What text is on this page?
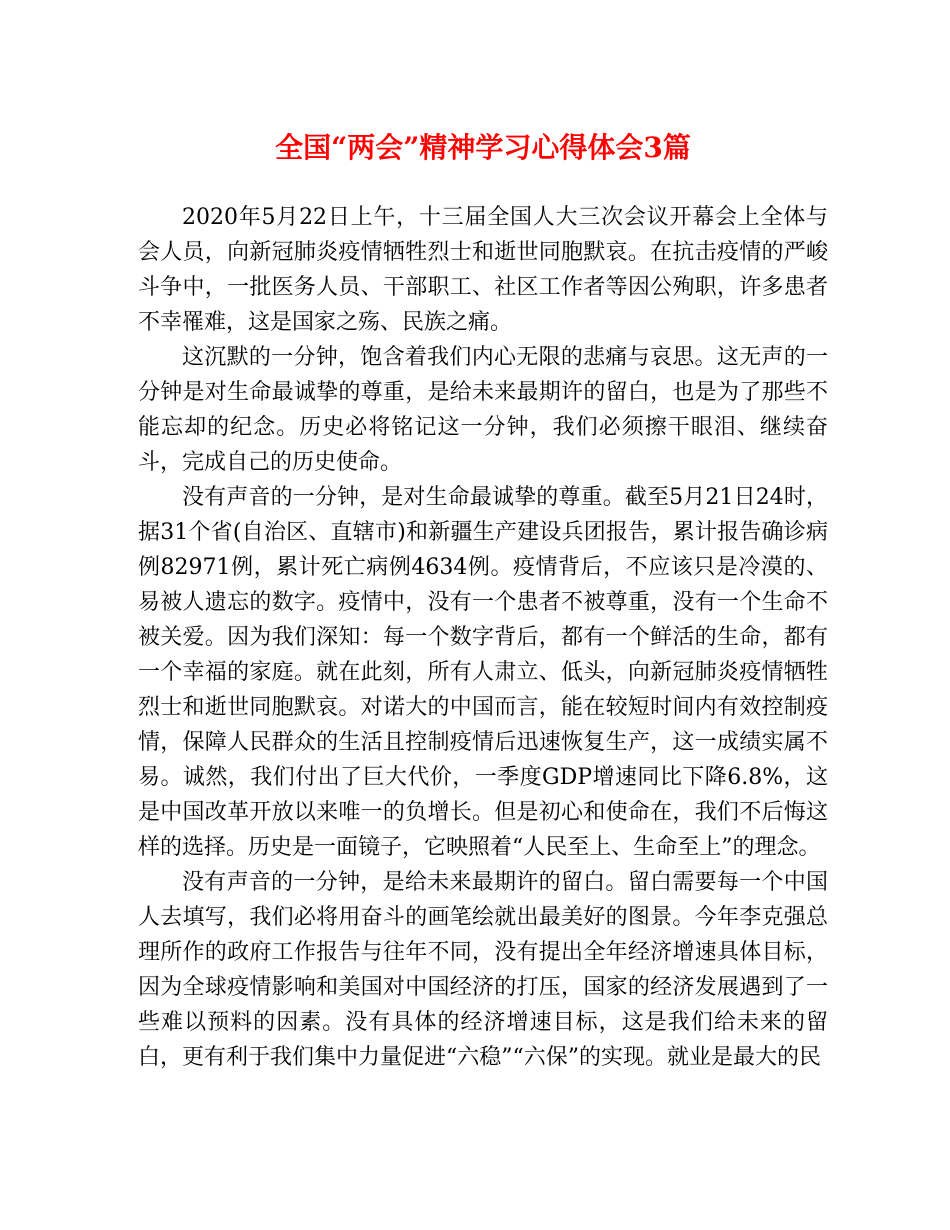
全国“两会”精神学习心得体会3篇

2020年5月22日上午，十三届全国人大三次会议开幕会上全体与会人员，向新冠肺炎疫情牺牲烈士和逝世同胞默哀。在抗击疫情的严峻斗争中，一批医务人员、干部职工、社区工作者等因公殉职，许多患者不幸罹难，这是国家之殇、民族之痛。

这沉默的一分钟，饱含着我们内心无限的悲痛与哀思。这无声的一分钟是对生命最诚挚的尊重，是给未来最期许的留白，也是为了那些不能忘却的纪念。历史必将铭记这一分钟，我们必须擦干眼泪、继续奋斗，完成自己的历史使命。

没有声音的一分钟，是对生命最诚挚的尊重。截至5月21日24时，据31个省(自治区、直辖市)和新疆生产建设兵团报告，累计报告确诊病例82971例，累计死亡病例4634例。疫情背后，不应该只是冷漠的、易被人遗忘的数字。疫情中，没有一个患者不被尊重，没有一个生命不被关爱。因为我们深知：每一个数字背后，都有一个鲜活的生命，都有一个幸福的家庭。就在此刻，所有人肃立、低头，向新冠肺炎疫情牺牲烈士和逝世同胞默哀。对诺大的中国而言，能在较短时间内有效控制疫情，保障人民群众的生活且控制疫情后迅速恢复生产，这一成绩实属不易。诚然，我们付出了巨大代价，一季度GDP增速同比下降6.8%，这是中国改革开放以来唯一的负增长。但是初心和使命在，我们不后悔这样的选择。历史是一面镜子，它映照着“人民至上、生命至上”的理念。

没有声音的一分钟，是给未来最期许的留白。留白需要每一个中国人去填写，我们必将用奋斗的画笔绘就出最美好的图景。今年李克强总理所作的政府工作报告与往年不同，没有提出全年经济增速具体目标，因为全球疫情影响和美国对中国经济的打压，国家的经济发展遇到了一些难以预料的因素。没有具体的经济增速目标，这是我们给未来的留白，更有利于我们集中力量促进“六稳”“六保”的实现。就业是最大的民
